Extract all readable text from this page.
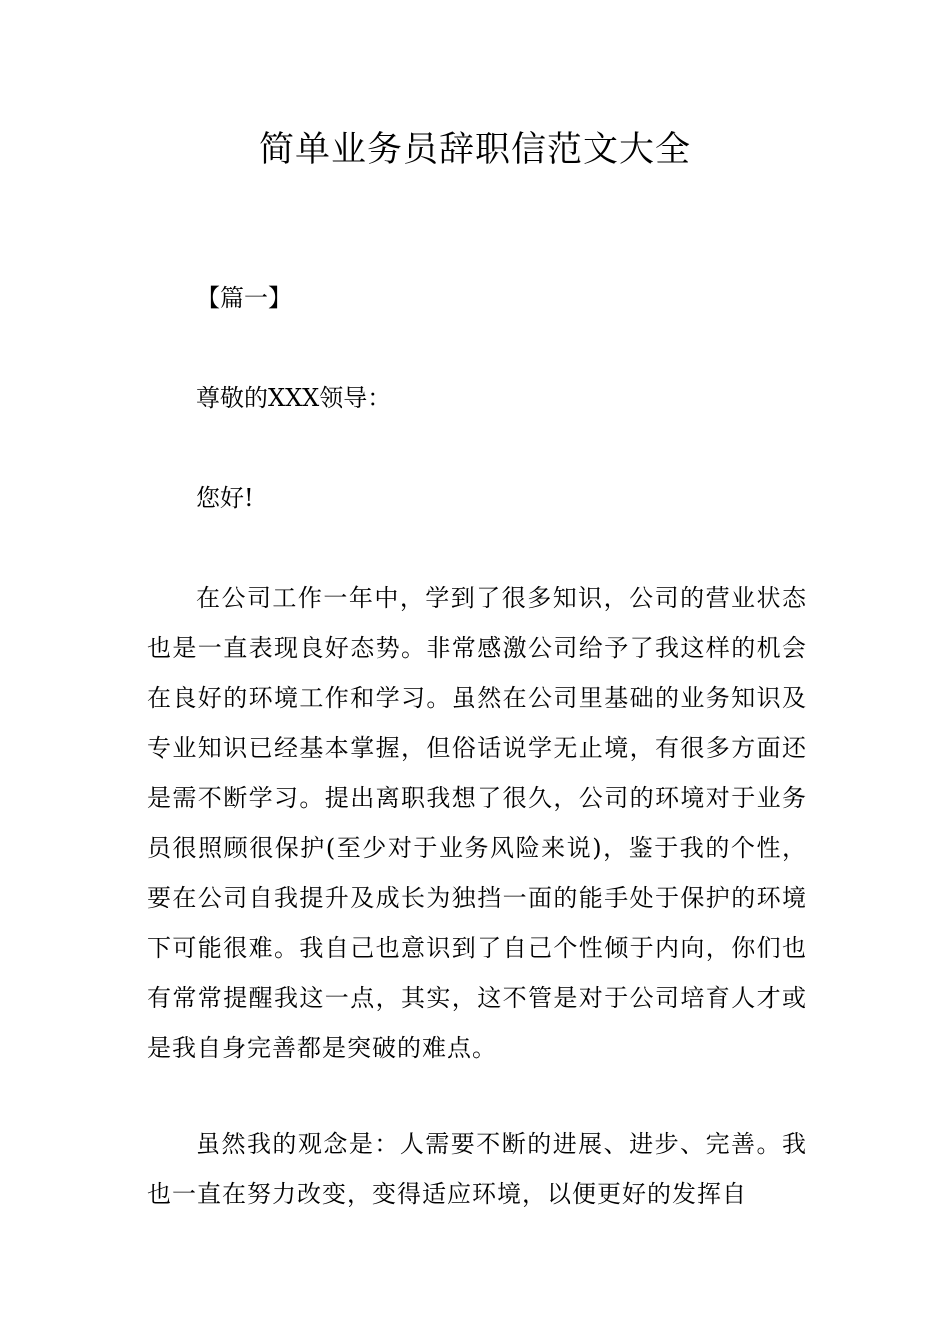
简单业务员辞职信范文大全
【篇一】
尊敬的XXX领导：
您好!

在公司工作一年中，学到了很多知识，公司的营业状态也是一直表现良好态势。非常感激公司给予了我这样的机会在良好的环境工作和学习。虽然在公司里基础的业务知识及专业知识已经基本掌握，但俗话说学无止境，有很多方面还是需不断学习。提出离职我想了很久，公司的环境对于业务员很照顾很保护(至少对于业务风险来说)，鉴于我的个性，要在公司自我提升及成长为独挡一面的能手处于保护的环境下可能很难。我自己也意识到了自己个性倾于内向，你们也有常常提醒我这一点，其实，这不管是对于公司培育人才或是我自身完善都是突破的难点。

虽然我的观念是：人需要不断的进展、进步、完善。我也一直在努力改变，变得适应环境，以便更好的发挥自
